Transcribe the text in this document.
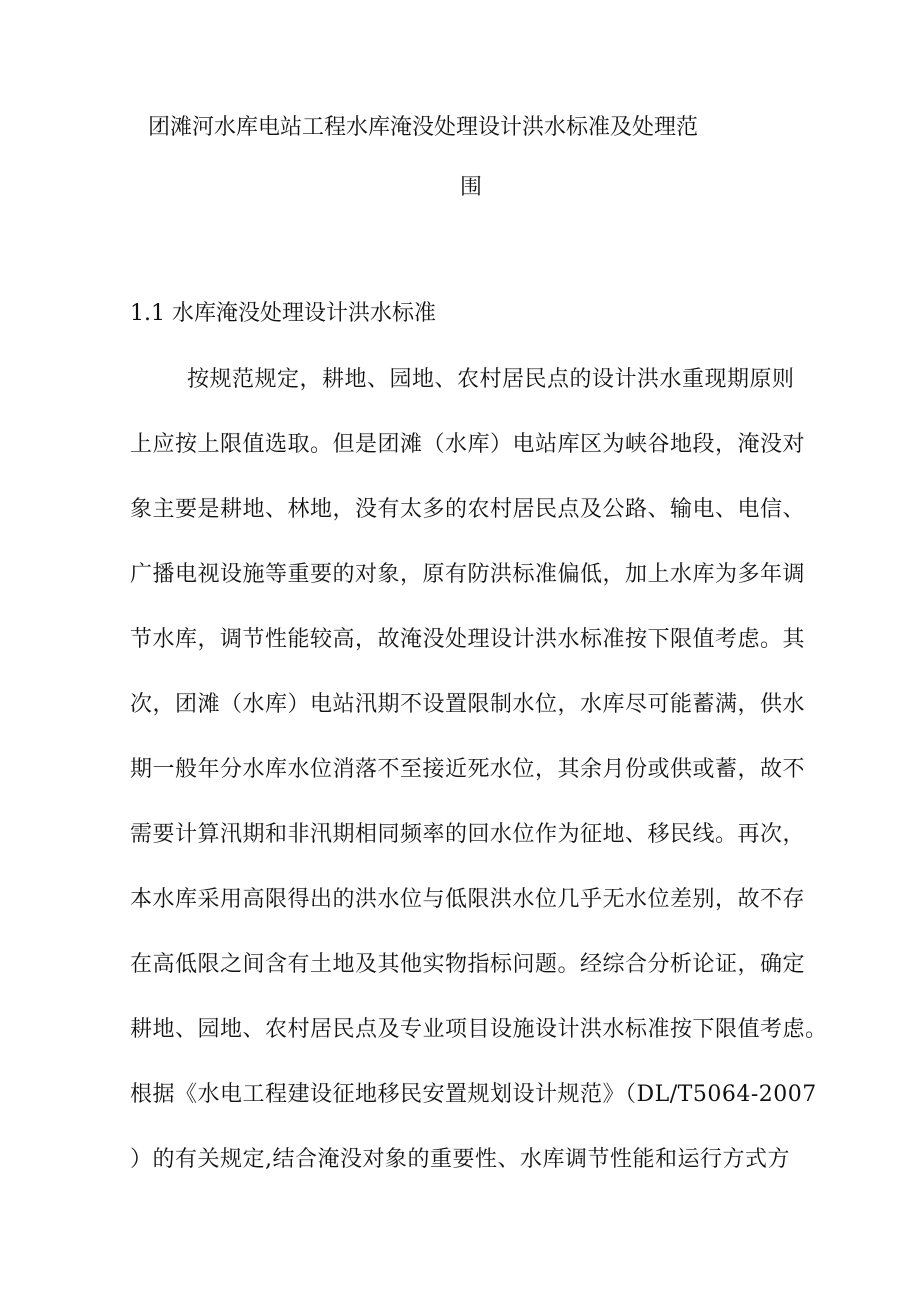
团滩河水库电站工程水库淹没处理设计洪水标准及处理范
围
1.1 水库淹没处理设计洪水标准
按规范规定，耕地、园地、农村居民点的设计洪水重现期原则
上应按上限值选取。但是团滩（水库）电站库区为峡谷地段，淹没对
象主要是耕地、林地，没有太多的农村居民点及公路、输电、电信、
广播电视设施等重要的对象，原有防洪标准偏低，加上水库为多年调
节水库，调节性能较高，故淹没处理设计洪水标准按下限值考虑。其
次，团滩（水库）电站汛期不设置限制水位，水库尽可能蓄满，供水
期一般年分水库水位消落不至接近死水位，其余月份或供或蓄，故不
需要计算汛期和非汛期相同频率的回水位作为征地、移民线。再次，
本水库采用高限得出的洪水位与低限洪水位几乎无水位差别，故不存
在高低限之间含有土地及其他实物指标问题。经综合分析论证，确定
耕地、园地、农村居民点及专业项目设施设计洪水标准按下限值考虑。
根据《水电工程建设征地移民安置规划设计规范》（DL/T5064-2007
）的有关规定,结合淹没对象的重要性、水库调节性能和运行方式方
